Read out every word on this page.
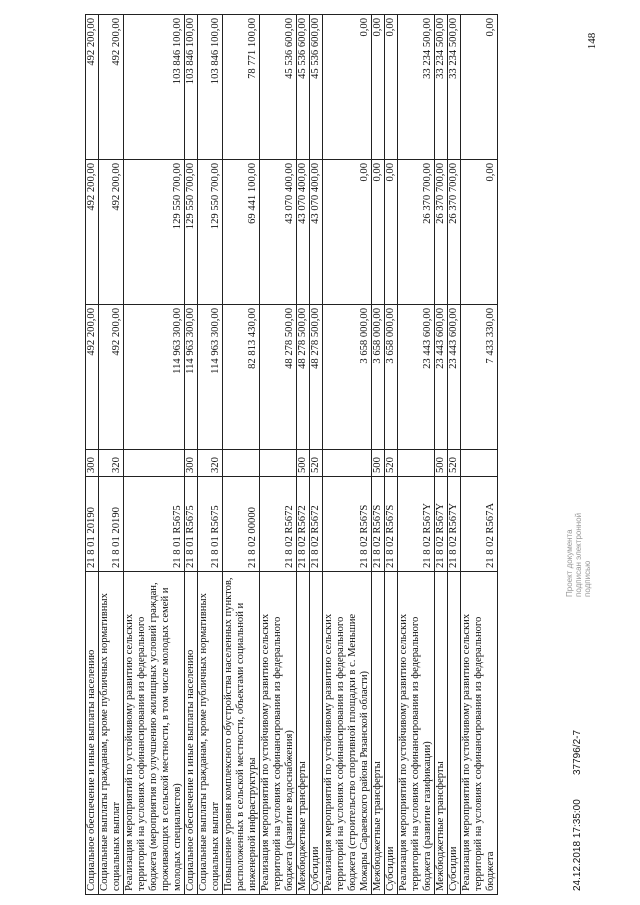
148
Социальное обеспечение и иные выплаты населению	21 8 01 20190	300	492 200,00	492 200,00	492 200,00
Социальные выплаты гражданам, кроме публичных нормативных социальных выплат	21 8 01 20190	320	492 200,00	492 200,00	492 200,00
Реализация мероприятий по устойчивому развитию сельских территорий на условиях софинансирования из федерального бюджета (мероприятия по улучшению жилищных условий граждан, проживающих в сельской местности, в том числе молодых семей и молодых специалистов)	21 8 01 R5675		114 963 300,00	129 550 700,00	103 846 100,00
Социальное обеспечение и иные выплаты населению	21 8 01 R5675	300	114 963 300,00	129 550 700,00	103 846 100,00
Социальные выплаты гражданам, кроме публичных нормативных социальных выплат	21 8 01 R5675	320	114 963 300,00	129 550 700,00	103 846 100,00
Повышение уровня комплексного обустройства населенных пунктов, расположенных в сельской местности, объектами социальной и инженерной инфраструктуры	21 8 02 00000		82 813 430,00	69 441 100,00	78 771 100,00
Реализация мероприятий по устойчивому развитию сельских территорий на условиях софинансирования из федерального бюджета (развитие водоснабжения)	21 8 02 R5672		48 278 500,00	43 070 400,00	45 536 600,00
Межбюджетные трансферты	21 8 02 R5672	500	48 278 500,00	43 070 400,00	45 536 600,00
Субсидии	21 8 02 R5672	520	48 278 500,00	43 070 400,00	45 536 600,00
Реализация мероприятий по устойчивому развитию сельских территорий на условиях софинансирования из федерального бюджета (строительство спортивной площадки в с. Меньшие Можары Сараевского района Рязанской области)	21 8 02 R567S		3 658 000,00	0,00	0,00
Межбюджетные трансферты	21 8 02 R567S	500	3 658 000,00	0,00	0,00
Субсидии	21 8 02 R567S	520	3 658 000,00	0,00	0,00
Реализация мероприятий по устойчивому развитию сельских территорий на условиях софинансирования из федерального бюджета (развитие газификации)	21 8 02 R567Y		23 443 600,00	26 370 700,00	33 234 500,00
Межбюджетные трансферты	21 8 02 R567Y	500	23 443 600,00	26 370 700,00	33 234 500,00
Субсидии	21 8 02 R567Y	520	23 443 600,00	26 370 700,00	33 234 500,00
Реализация мероприятий по устойчивому развитию сельских территорий на условиях софинансирования из федерального бюджета	21 8 02 R567A		7 433 330,00	0,00	0,00
24.12.2018 17:35:00
37796/2-7
Проект документа подписан электронной подписью
